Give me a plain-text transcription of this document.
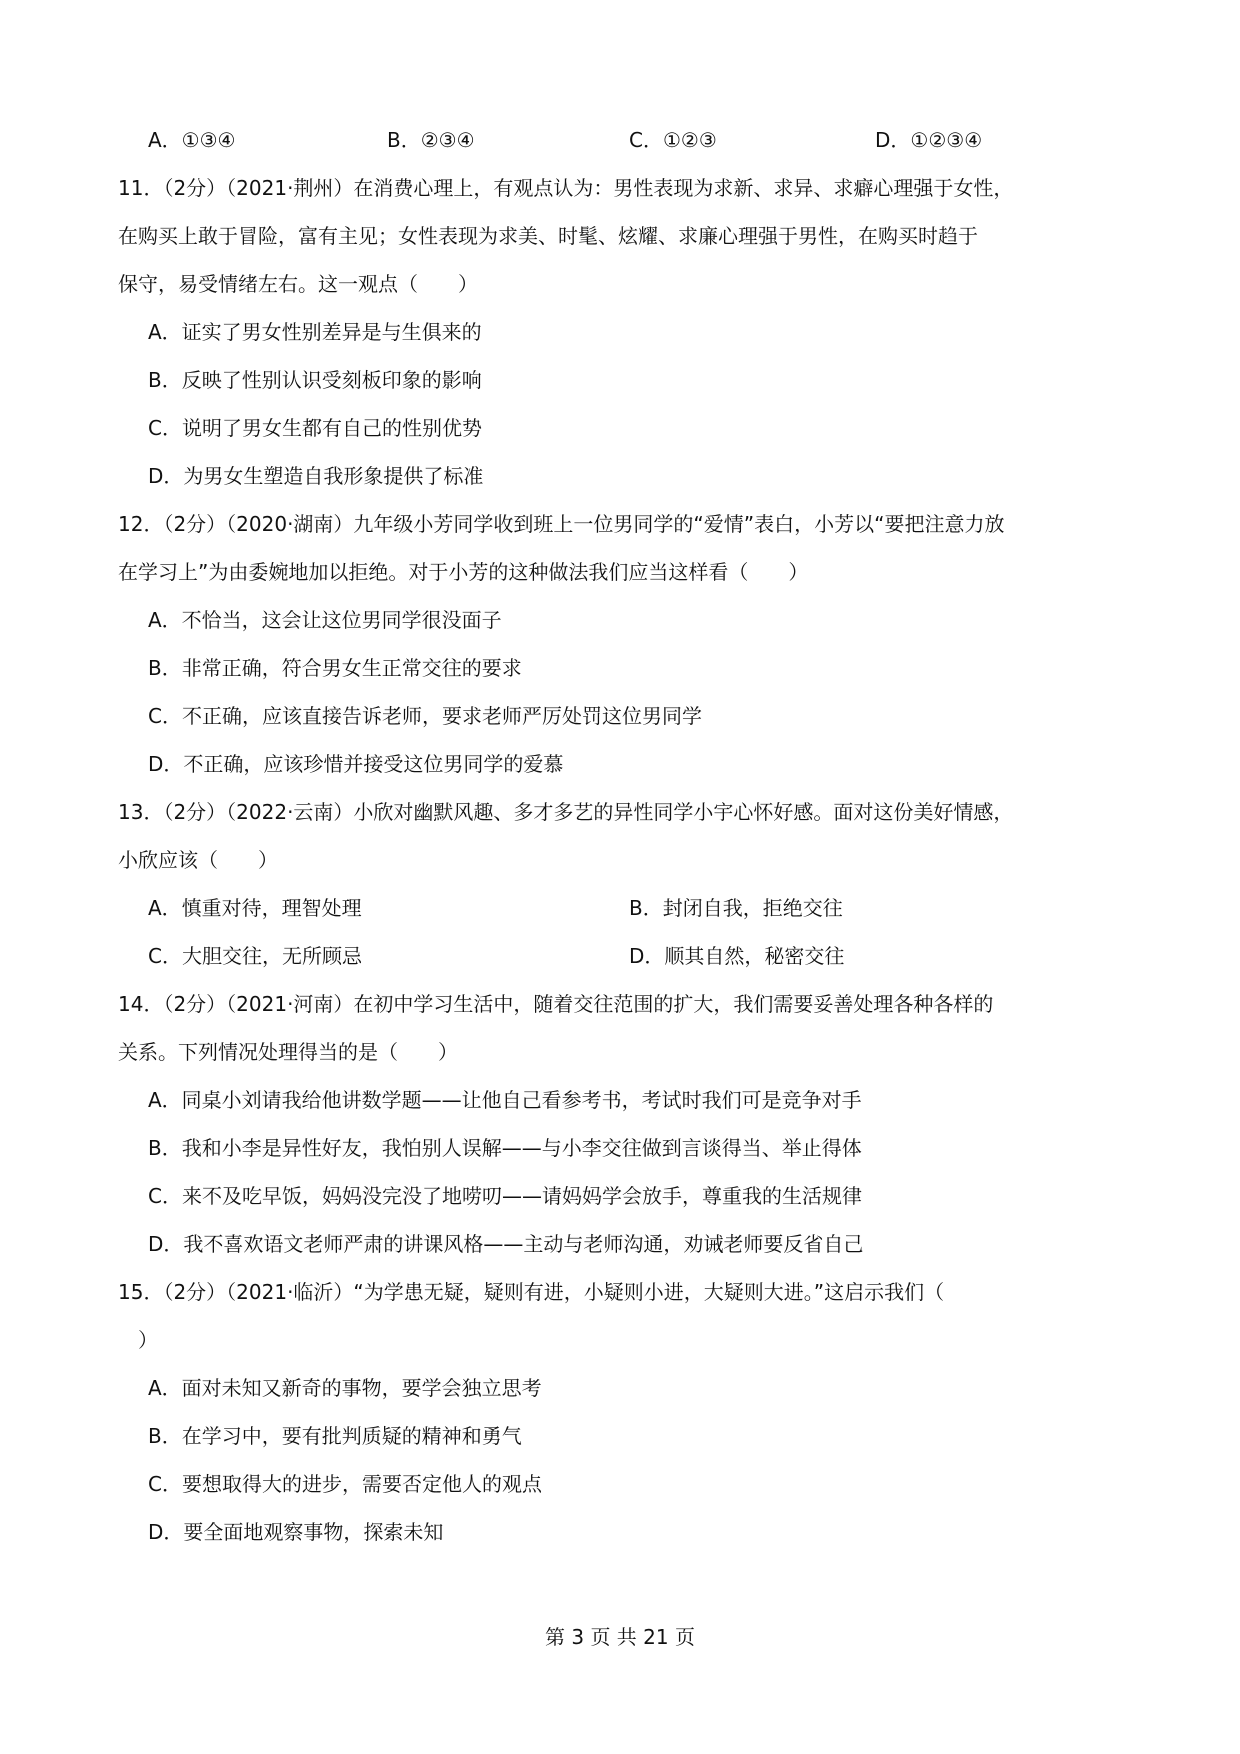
A．①③④	B．②③④	C．①②③	D．①②③④
11．（2分）（2021·荆州）在消费心理上，有观点认为：男性表现为求新、求异、求癖心理强于女性，
在购买上敢于冒险，富有主见；女性表现为求美、时髦、炫耀、求廉心理强于男性，在购买时趋于
保守，易受情绪左右。这一观点（　　）
A．证实了男女性别差异是与生俱来的
B．反映了性别认识受刻板印象的影响
C．说明了男女生都有自己的性别优势
D．为男女生塑造自我形象提供了标准
12．（2分）（2020·湖南）九年级小芳同学收到班上一位男同学的“爱情”表白，小芳以“要把注意力放
在学习上”为由委婉地加以拒绝。对于小芳的这种做法我们应当这样看（　　）
A．不恰当，这会让这位男同学很没面子
B．非常正确，符合男女生正常交往的要求
C．不正确，应该直接告诉老师，要求老师严厉处罚这位男同学
D．不正确，应该珍惜并接受这位男同学的爱慕
13．（2分）（2022·云南）小欣对幽默风趣、多才多艺的异性同学小宇心怀好感。面对这份美好情感，
小欣应该（　　）
A．慎重对待，理智处理	B．封闭自我，拒绝交往
C．大胆交往，无所顾忌	D．顺其自然，秘密交往
14．（2分）（2021·河南）在初中学习生活中，随着交往范围的扩大，我们需要妥善处理各种各样的
关系。下列情况处理得当的是（　　）
A．同桌小刘请我给他讲数学题——让他自己看参考书，考试时我们可是竞争对手
B．我和小李是异性好友，我怕别人误解——与小李交往做到言谈得当、举止得体
C．来不及吃早饭，妈妈没完没了地唠叨——请妈妈学会放手，尊重我的生活规律
D．我不喜欢语文老师严肃的讲课风格——主动与老师沟通，劝诫老师要反省自己
15．（2分）（2021·临沂）“为学患无疑，疑则有进，小疑则小进，大疑则大进。”这启示我们（
　）
A．面对未知又新奇的事物，要学会独立思考
B．在学习中，要有批判质疑的精神和勇气
C．要想取得大的进步，需要否定他人的观点
D．要全面地观察事物，探索未知
第 3 页 共 21 页
